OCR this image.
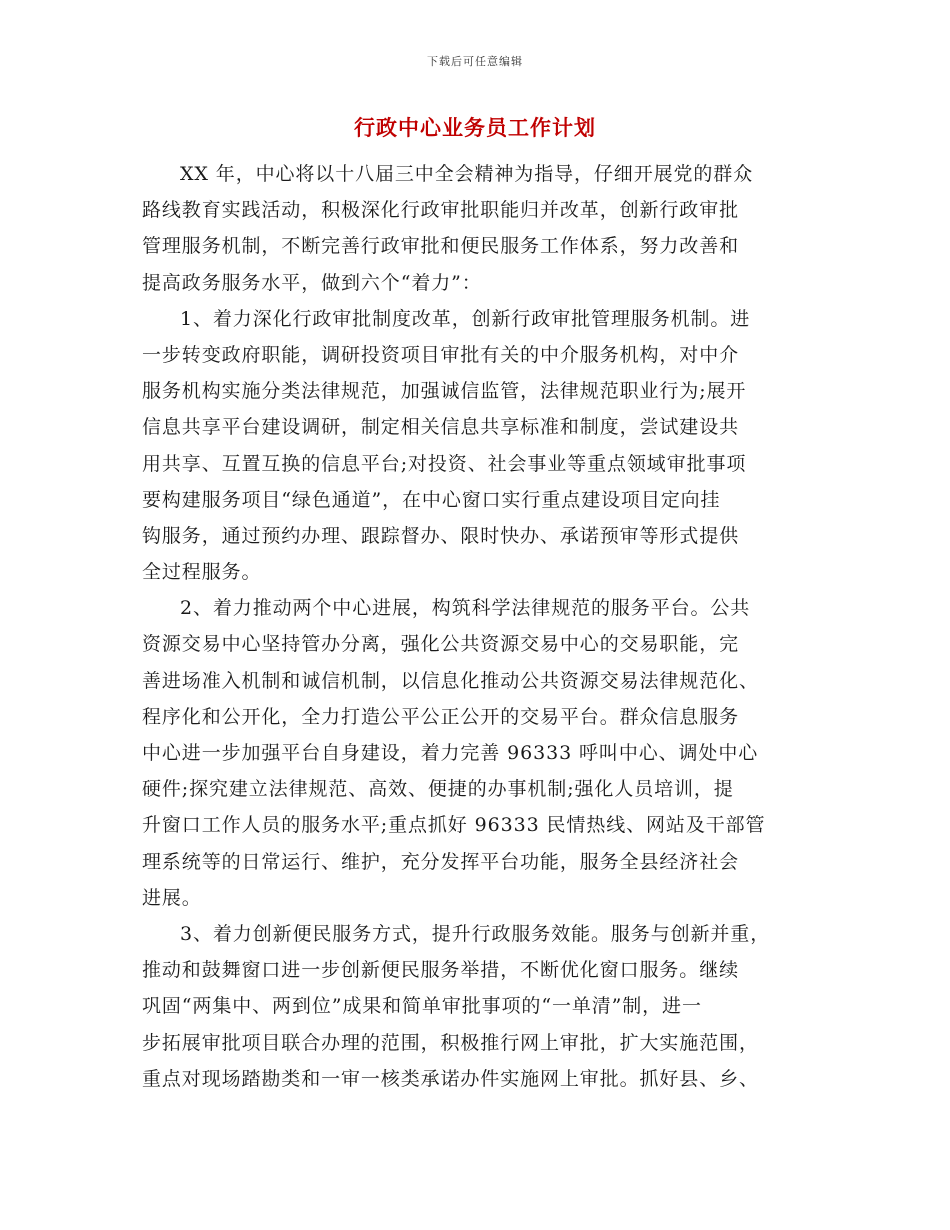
下载后可任意编辑
行政中心业务员工作计划
XX 年，中心将以十八届三中全会精神为指导，仔细开展党的群众
路线教育实践活动，积极深化行政审批职能归并改革，创新行政审批
管理服务机制，不断完善行政审批和便民服务工作体系，努力改善和
提高政务服务水平，做到六个“着力”：
1、着力深化行政审批制度改革，创新行政审批管理服务机制。进
一步转变政府职能，调研投资项目审批有关的中介服务机构，对中介
服务机构实施分类法律规范，加强诚信监管，法律规范职业行为;展开
信息共享平台建设调研，制定相关信息共享标准和制度，尝试建设共
用共享、互置互换的信息平台;对投资、社会事业等重点领域审批事项
要构建服务项目“绿色通道”，在中心窗口实行重点建设项目定向挂
钩服务，通过预约办理、跟踪督办、限时快办、承诺预审等形式提供
全过程服务。
2、着力推动两个中心进展，构筑科学法律规范的服务平台。公共
资源交易中心坚持管办分离，强化公共资源交易中心的交易职能，完
善进场准入机制和诚信机制，以信息化推动公共资源交易法律规范化、
程序化和公开化，全力打造公平公正公开的交易平台。群众信息服务
中心进一步加强平台自身建设，着力完善 96333 呼叫中心、调处中心
硬件;探究建立法律规范、高效、便捷的办事机制;强化人员培训，提
升窗口工作人员的服务水平;重点抓好 96333 民情热线、网站及干部管
理系统等的日常运行、维护，充分发挥平台功能，服务全县经济社会
进展。
3、着力创新便民服务方式，提升行政服务效能。服务与创新并重，
推动和鼓舞窗口进一步创新便民服务举措，不断优化窗口服务。继续
巩固“两集中、两到位”成果和简单审批事项的“一单清”制，进一
步拓展审批项目联合办理的范围，积极推行网上审批，扩大实施范围，
重点对现场踏勘类和一审一核类承诺办件实施网上审批。抓好县、乡、
